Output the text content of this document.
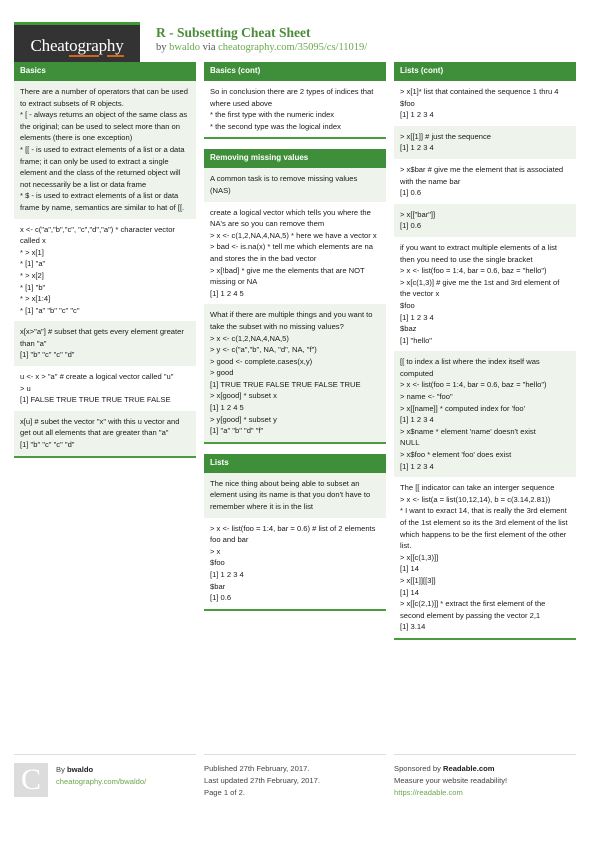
Cheatography
R - Subsetting Cheat Sheet
by bwaldo via cheatography.com/35095/cs/11019/
Basics

There are a number of operators that can be used to extract subsets of R objects.

* [ - always returns an object of the same class as the original; can be used to select more than on elements (there is one exception)

* [[ - is used to extract elements of a list or a data frame; it can only be used to extract a single element and the class of the returned object will not necessarily be a list or data frame

* $ - is used to extract elements of a list or data frame by name, semantics are similar to hat of [[.

x <- c("a","b","c", "c","d","a") * character vector called x

* > x[1]

* [1] "a"

* > x[2]

* [1] "b"

* > x[1:4]

* [1] "a" "b" "c" "c"

x[x>"a"] # subset that gets every element greater than "a"

[1] "b" "c" "c" "d"

u <- x > "a" # create a logical vector called "u"

> u

[1] FALSE TRUE TRUE TRUE TRUE FALSE

x[u] # subet the vector "x" with this u vector and get out all elements that are greater than "a"

[1] "b" "c" "c" "d"

Basics (cont)

So in conclusion there are 2 types of indices that where used above

* the first type with the numeric index

* the second type was the logical index

Removing missing values

A common task is to remove missing values (NAS)

create a logical vector which tells you where the NA's are so you can remove them

> x <- c(1,2,NA,4,NA,5) * here we have a vector x

> bad <- is.na(x) * tell me which elements are na and stores the in the bad vector

> x[!bad] * give me the elements that are NOT missing or NA

[1] 1 2 4 5

What if there are multiple things and you want to take the subset with no missing values?

> x <- c(1,2,NA,4,NA,5)

> y <- c("a","b", NA, "d", NA, "f")

> good <- complete.cases(x,y)

> good

[1] TRUE TRUE FALSE TRUE FALSE TRUE

> x[good] * subset x

[1] 1 2 4 5

> y[good] * subset y

[1] "a" "b" "d" "f"

Lists

The nice thing about being able to subset an element using its name is that you don't have to remember where it is in the list

> x <- list(foo = 1:4, bar = 0.6) # list of 2 elements foo and bar

> x

$foo

[1] 1 2 3 4

$bar

[1] 0.6

Lists (cont)

> x[1]* list that contained the sequence 1 thru 4

$foo

[1] 1 2 3 4

> x[[1]] # just the sequence

[1] 1 2 3 4

> x$bar # give me the element that is associated with the name bar

[1] 0.6

> x[["bar"]]

[1] 0.6

if you want to extract multiple elements of a list then you need to use the single bracket

> x <- list(foo = 1:4, bar = 0.6, baz = "hello")

> x[c(1,3)] # give me the 1st and 3rd element of the vector x

$foo

[1] 1 2 3 4

$baz

[1] "hello"

[[ to index a list where the index itself was computed

> x <- list(foo = 1:4, bar = 0.6, baz = "hello")

> name <- "foo"

> x[[name]] * computed index for 'foo'

[1] 1 2 3 4

> x$name * element 'name' doesn't exist

NULL

> x$foo * element 'foo' does exist

[1] 1 2 3 4

The [[ indicator can take an interger sequence

> x <- list(a = list(10,12,14), b = c(3.14,2.81))

* I want to exract 14, that is really the 3rd element of the 1st element so its the 3rd element of the list which happens to be the first element of the other list.

> x[[c(1,3)]]

[1] 14

> x[[1]][[3]]

[1] 14

> x[[c(2,1)]] * extract the first element of the second element by passing the vector 2,1

[1] 3.14

C	By bwaldo
cheatography.com/bwaldo/
Published 27th February, 2017.
Last updated 27th February, 2017.
Page 1 of 2.
Sponsored by Readable.com
Measure your website readability!
https://readable.com
